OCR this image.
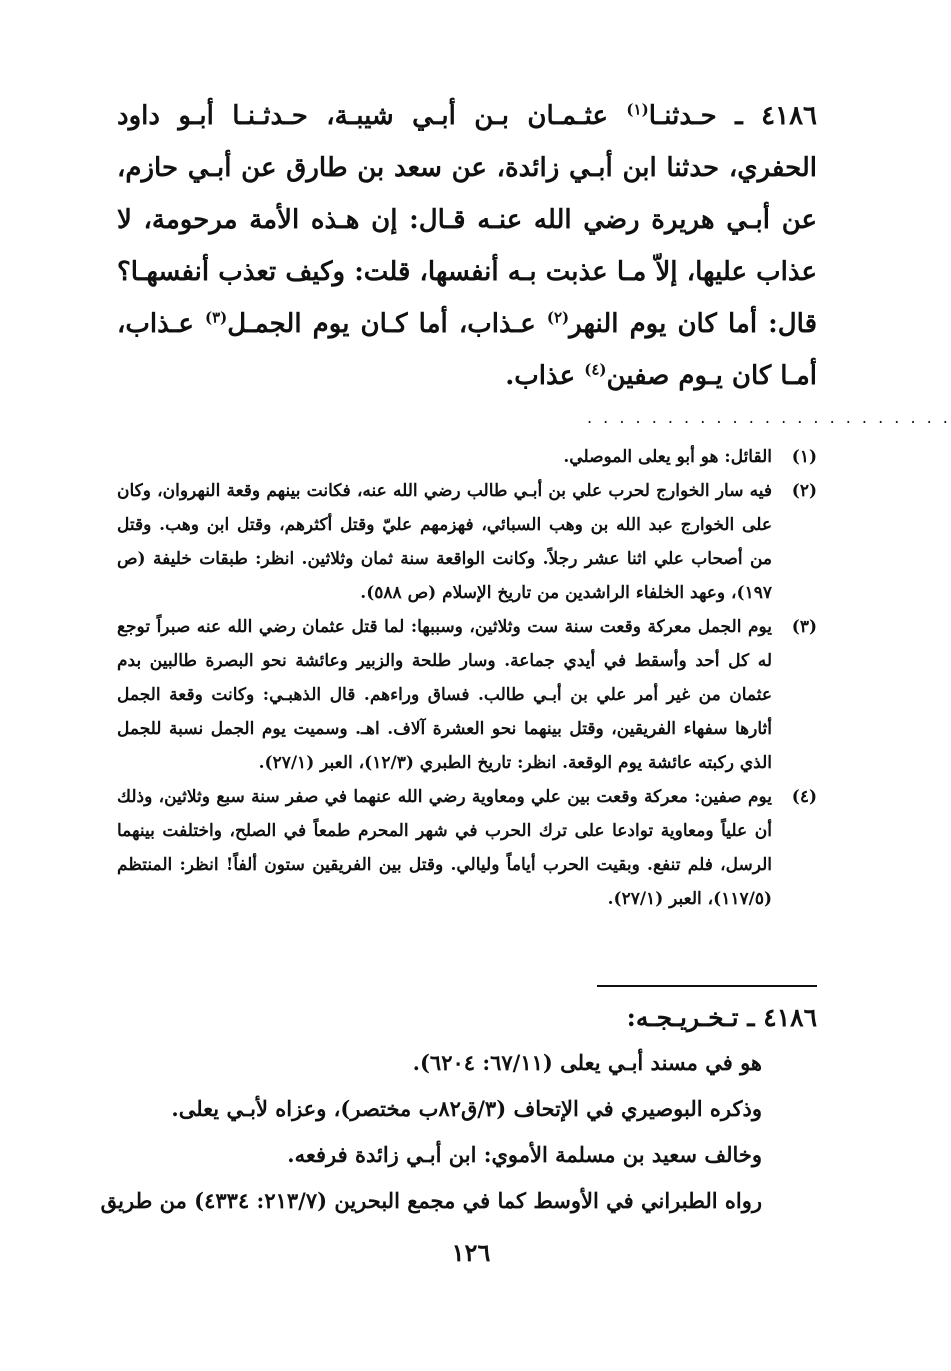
٤١٨٦ ـ حـدثنـا$^{(١)}$ عثـمـان بـن أبـي شيبـة، حـدثـنـا أبـو داود الحفري، حدثنا ابن أبـي زائدة، عن سعد بن طارق عن أبـي حازم، عن أبـي هريرة رضي الله عنـه قـال: إن هـذه الأمة مرحومة، لا عذاب عليها، إلاّ مـا عذبت بـه أنفسها، قلت: وكيف تعذب أنفسهـا؟ قال: أما كان يوم النهر$^{(٢)}$ عـذاب، أما كـان يوم الجمـل$^{(٣)}$ عـذاب، أمـا كان يـوم صفين$^{(٤)}$ عذاب.

. . . . . . . . . . . . . . . . . . . . . . .
(١)
القائل: هو أبو يعلى الموصلي.
(٢)
فيه سار الخوارج لحرب علي بن أبـي طالب رضي الله عنه، فكانت بينهم وقعة النهروان، وكان على الخوارج عبد الله بن وهب السبائي، فهزمهم عليّ وقتل أكثرهم، وقتل ابن وهب. وقتل من أصحاب علي اثنا عشر رجلاً. وكانت الواقعة سنة ثمان وثلاثين. انظر: طبقات خليفة (ص ١٩٧)، وعهد الخلفاء الراشدين من تاريخ الإسلام (ص ٥٨٨).
(٣)
يوم الجمل معركة وقعت سنة ست وثلاثين، وسببها: لما قتل عثمان رضي الله عنه صبراً توجع له كل أحد وأسقط في أيدي جماعة. وسار طلحة والزبير وعائشة نحو البصرة طالبين بدم عثمان من غير أمر علي بن أبـي طالب. فساق وراءهم. قال الذهبـي: وكانت وقعة الجمل أثارها سفهاء الفريقين، وقتل بينهما نحو العشرة آلاف. اهـ. وسميت يوم الجمل نسبة للجمل الذي ركبته عائشة يوم الوقعة. انظر: تاريخ الطبري (١٢/٣)، العبر (٢٧/١).
(٤)
يوم صفين: معركة وقعت بين علي ومعاوية رضي الله عنهما في صفر سنة سبع وثلاثين، وذلك أن علياً ومعاوية توادعا على ترك الحرب في شهر المحرم طمعاً في الصلح، واختلفت بينهما الرسل، فلم تنفع. وبقيت الحرب أياماً وليالي. وقتل بين الفريقين ستون ألفاً! انظر: المنتظم (١١٧/٥)، العبر (٢٧/١).
٤١٨٦ ـ تـخـريـجـه:
هو في مسند أبـي يعلى (٦٧/١١: ٦٢٠٤).
وذكره البوصيري في الإتحاف (٣/ق٨٢ب مختصر)، وعزاه لأبـي يعلى.
وخالف سعيد بن مسلمة الأموي: ابن أبـي زائدة فرفعه.
رواه الطبراني في الأوسط كما في مجمع البحرين (٢١٣/٧: ٤٣٣٤) من طريق
١٢٦
